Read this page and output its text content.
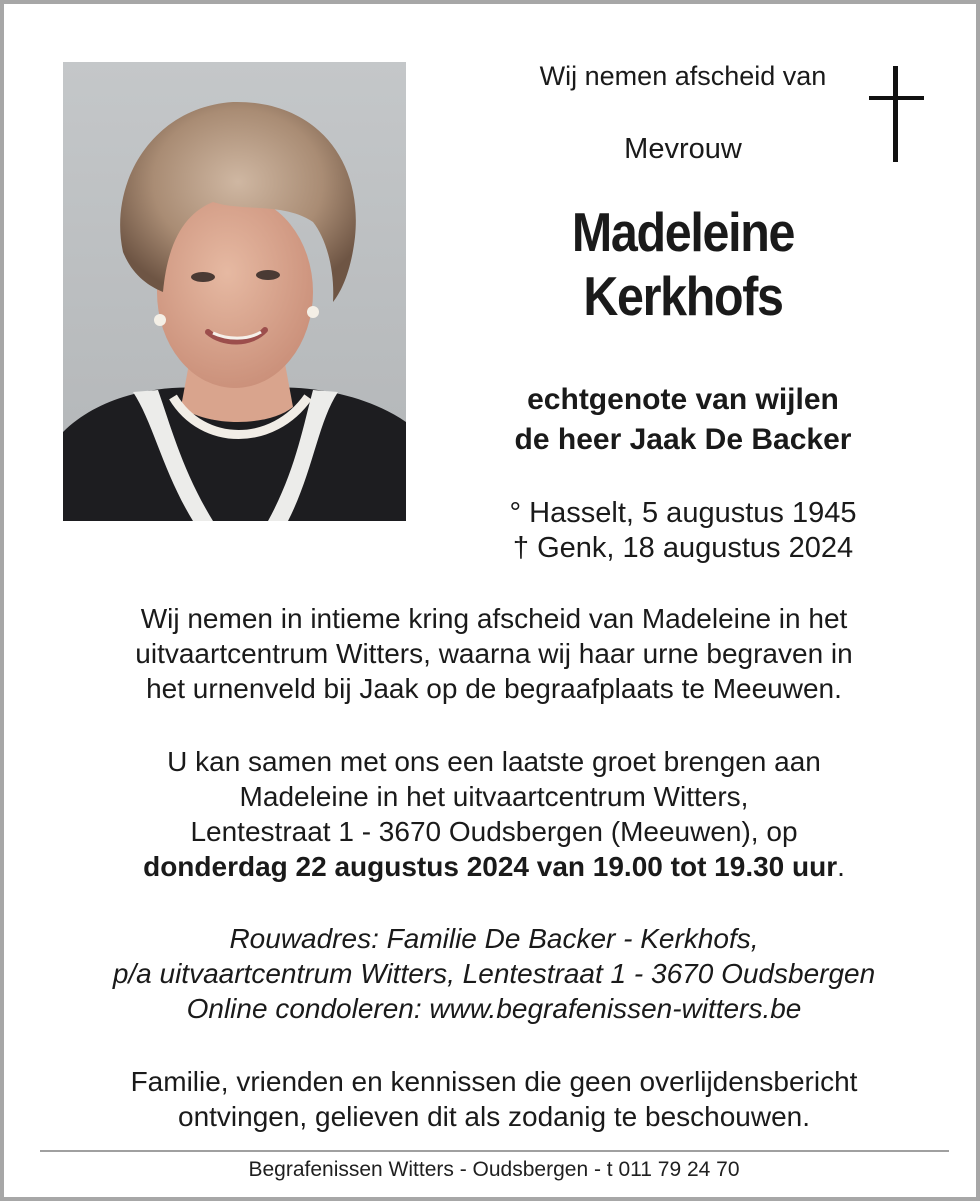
Wij nemen afscheid van
Mevrouw

Madeleine

Kerkhofs

echtgenote van wijlen

de heer Jaak De Backer

° Hasselt, 5 augustus 1945

† Genk, 18 augustus 2024

Wij nemen in intieme kring afscheid van Madeleine in het

uitvaartcentrum Witters, waarna wij haar urne begraven in

het urnenveld bij Jaak op de begraafplaats te Meeuwen.

U kan samen met ons een laatste groet brengen aan

Madeleine in het uitvaartcentrum Witters,

Lentestraat 1 - 3670 Oudsbergen (Meeuwen), op

donderdag 22 augustus 2024 van 19.00 tot 19.30 uur.

Rouwadres: Familie De Backer - Kerkhofs,

p/a uitvaartcentrum Witters, Lentestraat 1 - 3670 Oudsbergen

Online condoleren: www.begrafenissen-witters.be

Familie, vrienden en kennissen die geen overlijdensbericht

ontvingen, gelieven dit als zodanig te beschouwen.

Begrafenissen Witters - Oudsbergen - t 011 79 24 70
